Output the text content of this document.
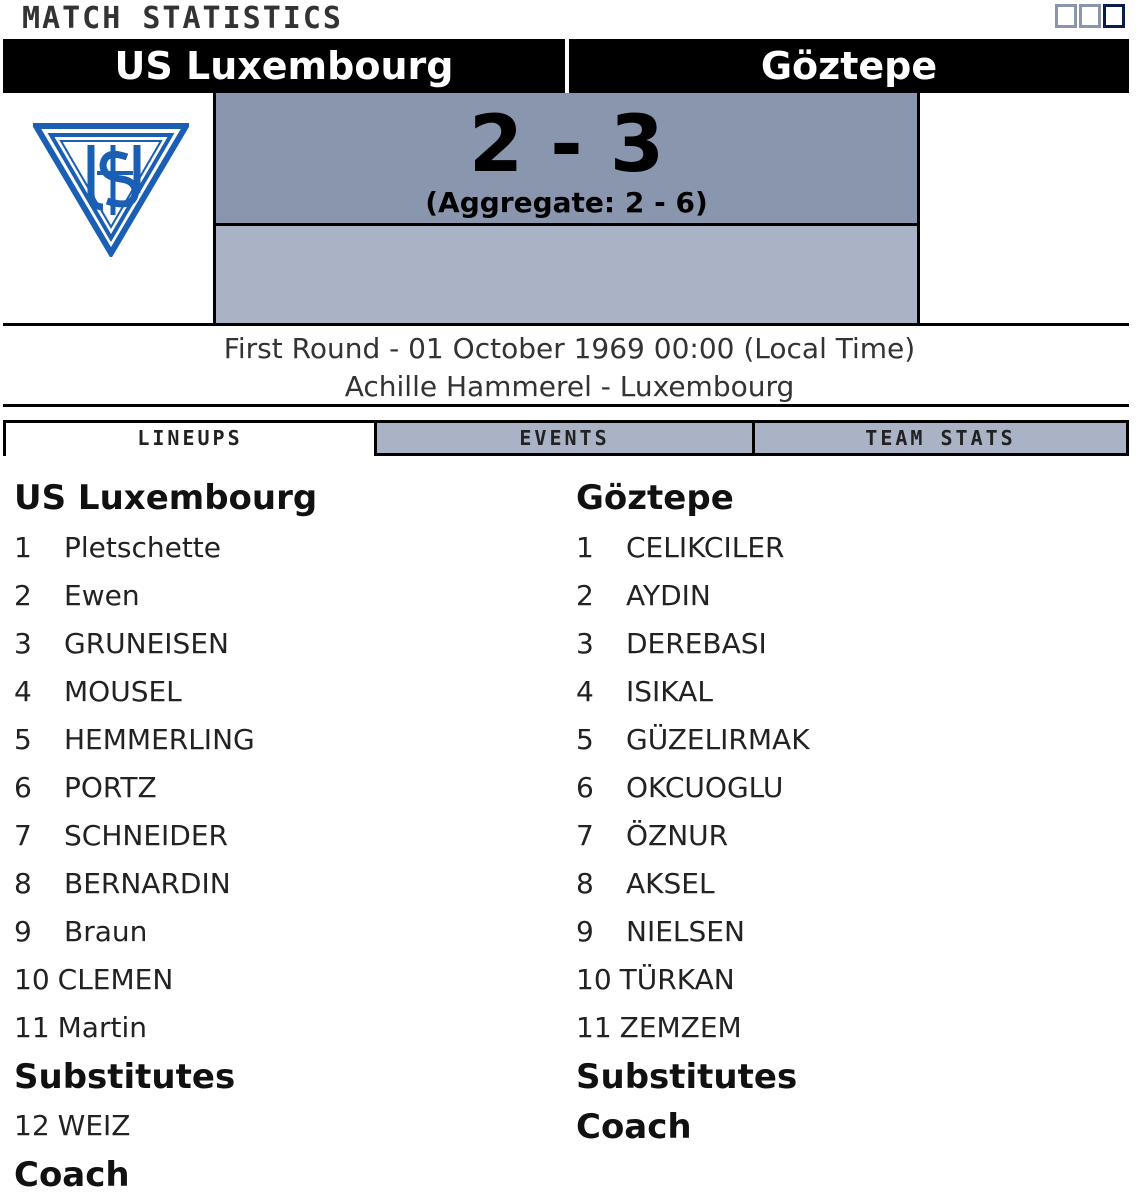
MATCH STATISTICS
US Luxembourg	Göztepe
2 - 3
(Aggregate: 2 - 6)
First Round - 01 October 1969 00:00 (Local Time)
Achille Hammerel - Luxembourg
LINEUPS	EVENTS	TEAM STATS
US Luxembourg
1 Pletschette
2 Ewen
3 GRUNEISEN
4 MOUSEL
5 HEMMERLING
6 PORTZ
7 SCHNEIDER
8 BERNARDIN
9 Braun
10 CLEMEN
11 Martin
Substitutes
12 WEIZ
Coach
Göztepe
1 CELIKCILER
2 AYDIN
3 DEREBASI
4 ISIKAL
5 GÜZELIRMAK
6 OKCUOGLU
7 ÖZNUR
8 AKSEL
9 NIELSEN
10 TÜRKAN
11 ZEMZEM
Substitutes
Coach
